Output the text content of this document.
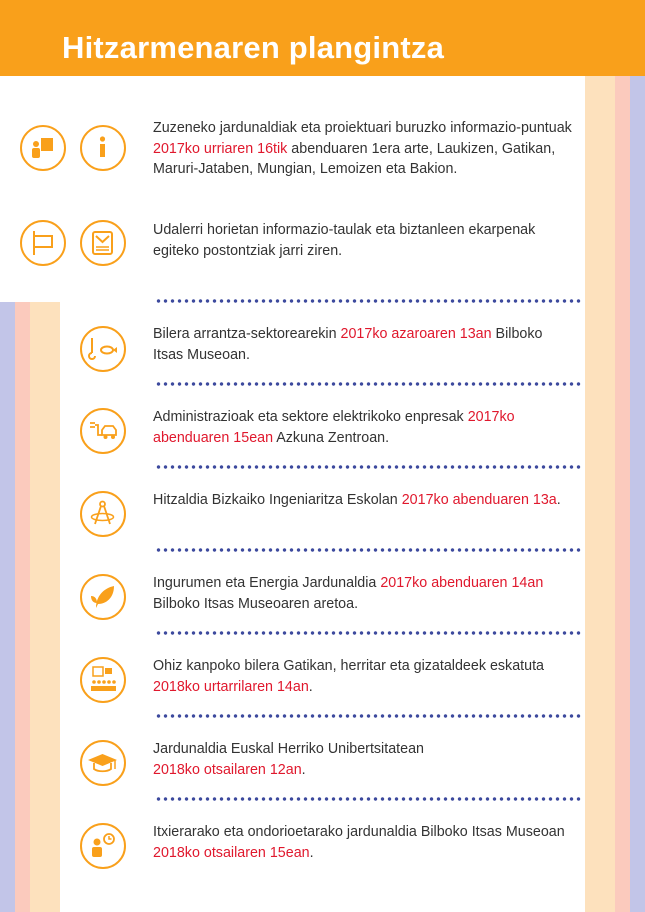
Hitzarmenaren plangintza
Zuzeneko jardunaldiak eta proiektuari buruzko informazio-puntuak 2017ko urriaren 16tik abenduaren 1era arte, Laukizen, Gatikan, Maruri-Jataben, Mungian, Lemoizen eta Bakion.
Udalerri horietan informazio-taulak eta biztanleen ekarpenak egiteko postontziak jarri ziren.
Bilera arrantza-sektorearekin 2017ko azaroaren 13an Bilboko Itsas Museoan.
Administrazioak eta sektore elektrikoko enpresak 2017ko abenduaren 15ean Azkuna Zentroan.
Hitzaldia Bizkaiko Ingeniaritza Eskolan 2017ko abenduaren 13a.
Ingurumen eta Energia Jardunaldia 2017ko abenduaren 14an Bilboko Itsas Museoaren aretoa.
Ohiz kanpoko bilera Gatikan, herritar eta gizataldeek eskatuta 2018ko urtarrilaren 14an.
Jardunaldia Euskal Herriko Unibertsitatean
2018ko otsailaren 12an.
Itxierarako eta ondorioetarako jardunaldia Bilboko Itsas Museoan 2018ko otsailaren 15ean.
